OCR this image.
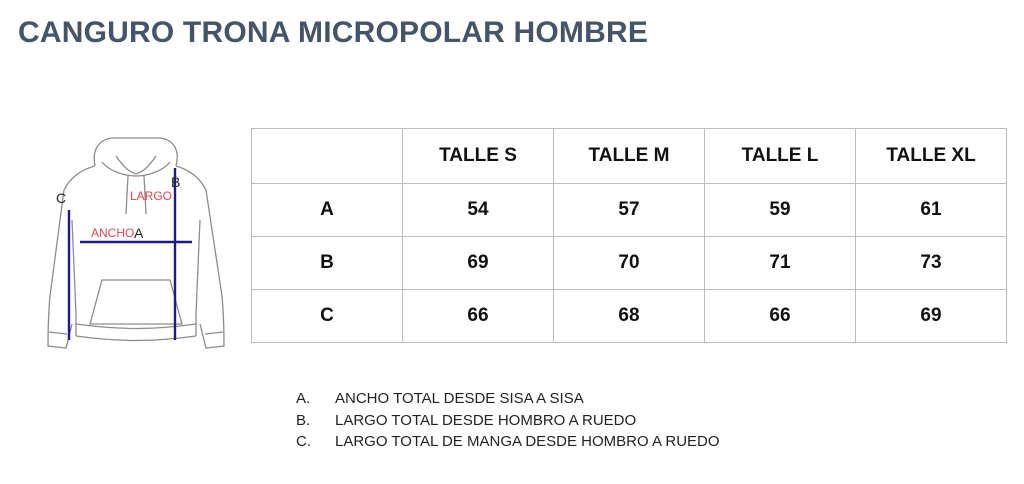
CANGURO TRONA MICROPOLAR HOMBRE
LARGO
ANCHO A
B
C
	TALLE S	TALLE M	TALLE L	TALLE XL
A	54	57	59	61
B	69	70	71	73
C	66	68	66	69
A.	ANCHO TOTAL DESDE SISA A SISA
B.	LARGO TOTAL DESDE HOMBRO A RUEDO
C.	LARGO TOTAL DE MANGA DESDE HOMBRO A RUEDO
